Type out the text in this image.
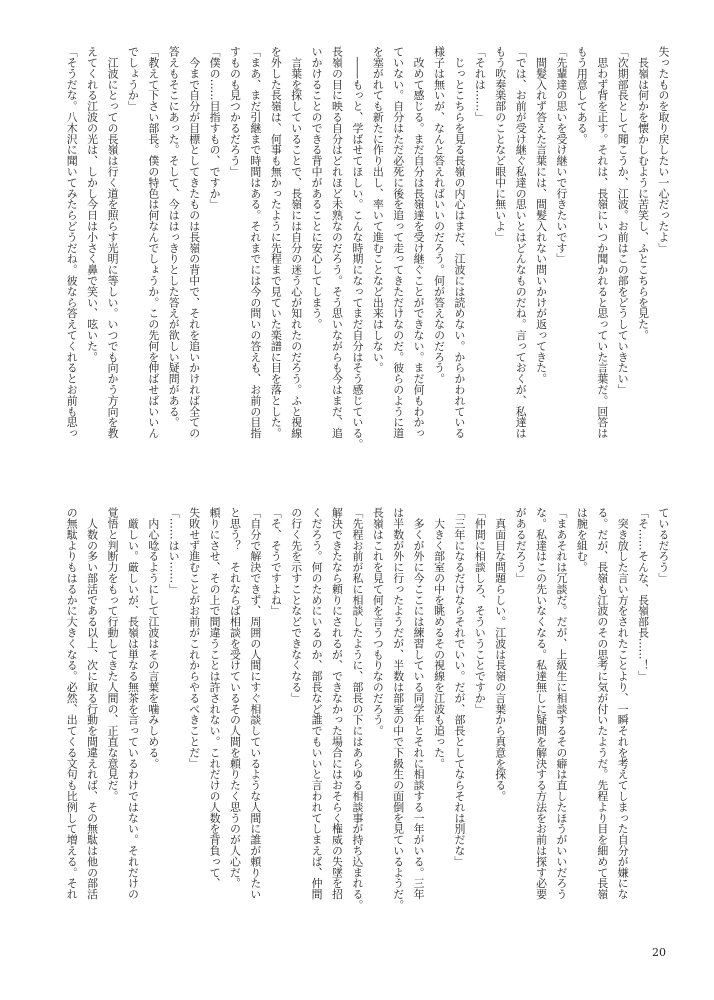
失ったものを取り戻したい一心だったよ」
　長嶺は何かを懐かしむように苦笑し、ふとこちらを見た。
「次期部長として聞こうか、江波。お前はこの部をどうしていきたい」
　思わず背を正す。それは、長嶺にいつか聞かれると思っていた言葉だ。回答は
もう用意してある。
「先輩達の思いを受け継いで行きたいです」
　間髪入れず答えた言葉には、間髪入れない問いかけが返ってきた。
「では、お前が受け継ぐ私達の思いとはどんなものだね。言っておくが、私達は
もう吹奏楽部のことなど眼中に無いよ」
「それは……」
　じっとこちらを見る長嶺の内心はまだ、江波には読めない。からかわれている
様子は無いが、なんと答えればいいのだろう。何が答えなのだろう。
　改めて感じる。まだ自分は長嶺達を受け継ぐことができない。まだ何もわかっ
ていない。自分はただ必死に後を追って走ってきただけなのだ。彼らのように道
を塞がれても新たに作り出し、率いて進むことなど出来はしない。
　――もっと、学ばせてほしい。こんな時期になってまだ自分はそう感じている。
長嶺の目に映る自分はどれほど未熟なのだろう。そう思いながらも今はまだ、追
いかけることのできる背中があることに安心してしまう。
　言葉を探していることで、長嶺には自分の迷う心が知れたのだろう。ふと視線
を外した長嶺は、何事も無かったように先程まで見ていた楽譜に目を落とした。
「まあ、まだ引継まで時間はある。それまでには今の問いの答えも、お前の目指
すものも見つかるだろう」
「僕の……目指すもの、ですか」
　今まで自分が目標としてきたものは長嶺の背中で、それを追いかければ全ての
答えもそこにあった。そして、今ははっきりとした答えが欲しい疑問がある。
「教えて下さい部長。僕の特色は何なんでしょうか。この先何を伸ばせばいいん
でしょうか」
　江波にとっての長嶺は行く道を照らす光明に等しい。いつでも向かう方向を教
えてくれる江波の光は、しかし今日は小さく鼻で笑い、呟いた。
「そうだな。八木沢に聞いてみたらどうだね。彼なら答えてくれるとお前も思っ
ているだろう」
「そ……そんな、長嶺部長……！」
　突き放した言い方をされたことより、一瞬それを考えてしまった自分が嫌にな
る。だが、長嶺も江波のその思考に気が付いたようだ。先程より目を細めて長嶺
は腕を組む。
「まあそれは冗談だ。だが、上級生に相談するその癖は直したほうがいいだろう
な。私達はこの先いなくなる。私達無しに疑問を解決する方法をお前は探す必要
があるだろう」
　真面目な問題らしい。江波は長嶺の言葉から真意を探る。
「仲間に相談しろ、そういうことですか」
「三年になるだけならそれでいい。だが、部長としてならそれは別だな」
　大きく部室の中を眺めるその視線を江波も追った。
　多くが外に今ここには練習している同学年とそれに相談する一年がいる。三年
は半数が外に行ったようだが、半数は部室の中で下級生の面倒を見ているようだ。
長嶺はこれを見て何を言うつもりなのだろう。
「先程お前が私に相談したように、部長の下にはあらゆる相談事が持ち込まれる。
解決できたなら頼りにされるが、できなかった場合にはおそらく権威の失墜を招
くだろう。何のためにいるのか、部長など誰でもいいと言われてしまえば、仲間
の行く先を示すことなどできなくなる」
「そ、そうですよね」
「自分で解決できず、周囲の人間にすぐ相談しているような人間に誰が頼りたい
と思う？　それならば相談を受けているその人間を頼りたく思うのが人心だ。
頼りにさせ、その上で間違うことは許されない。これだけの人数を背負って、
失敗せず進むことがお前がこれからやるべきことだ」
「……はい……」
　内心唸るようにして江波はその言葉を噛みしめる。
　厳しい。厳しいが、長嶺は単なる無茶を言っているわけではない。それだけの
覚悟と判断力をもって行動してきた人間の、正直な意見だ。
　人数の多い部活である以上、次に取る行動を間違えれば、その無駄は他の部活
の無駄よりもはるかに大きくなる。必然、出てくる文句も比例して増える。それ
20
